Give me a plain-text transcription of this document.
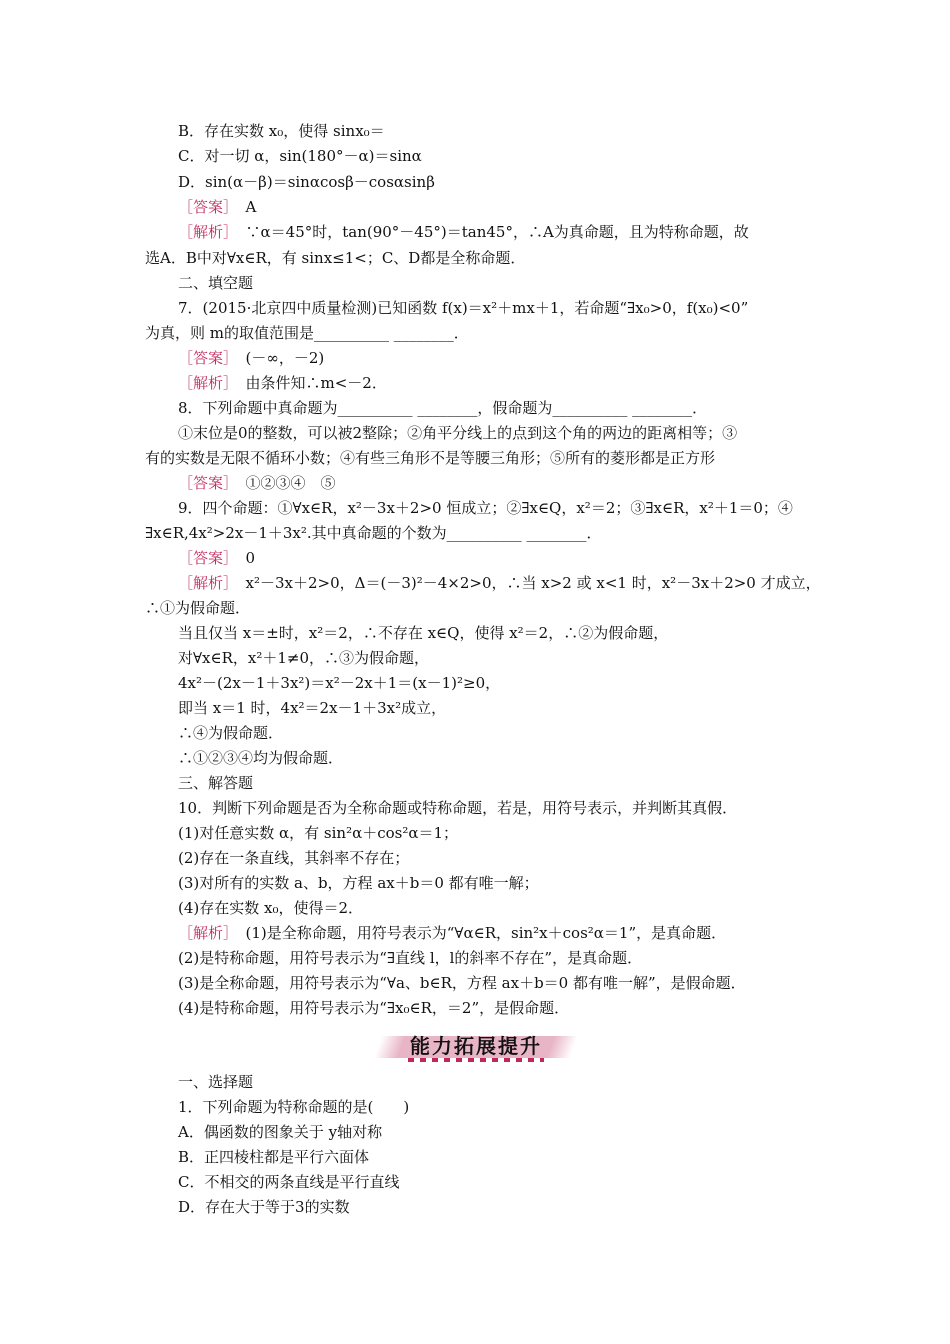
B．存在实数 x₀，使得 sinx₀＝
C．对一切 α，sin(180°－α)＝sinα
D．sin(α－β)＝sinαcosβ－cosαsinβ
［答案］　A
［解析］　∵α＝45°时，tan(90°－45°)＝tan45°，∴A为真命题，且为特称命题，故
选A．B中对∀x∈R，有 sinx≤1<；C、D都是全称命题．
二、填空题
7．(2015·北京四中质量检测)已知函数 f(x)＝x²＋mx＋1，若命题“∃x₀>0，f(x₀)<0”
为真，则 m的取值范围是__________ ________．
［答案］　(－∞，－2)
［解析］　由条件知∴m<－2．
8．下列命题中真命题为__________ ________，假命题为__________ ________．
①末位是0的整数，可以被2整除；②角平分线上的点到这个角的两边的距离相等；③
有的实数是无限不循环小数；④有些三角形不是等腰三角形；⑤所有的菱形都是正方形
［答案］　①②③④　⑤
9．四个命题：①∀x∈R，x²－3x＋2>0 恒成立；②∃x∈Q，x²＝2；③∃x∈R，x²＋1＝0；④
∃x∈R,4x²>2x－1＋3x².其中真命题的个数为__________ ________．
［答案］　0
［解析］　x²－3x＋2>0，Δ＝(－3)²－4×2>0，∴当 x>2 或 x<1 时，x²－3x＋2>0 才成立，
∴①为假命题．
当且仅当 x＝±时，x²＝2，∴不存在 x∈Q，使得 x²＝2，∴②为假命题，
对∀x∈R，x²＋1≠0，∴③为假命题，
4x²－(2x－1＋3x²)＝x²－2x＋1＝(x－1)²≥0，
即当 x＝1 时，4x²＝2x－1＋3x²成立，
∴④为假命题．
∴①②③④均为假命题．
三、解答题
10．判断下列命题是否为全称命题或特称命题，若是，用符号表示，并判断其真假．
(1)对任意实数 α，有 sin²α＋cos²α＝1；
(2)存在一条直线，其斜率不存在；
(3)对所有的实数 a、b，方程 ax＋b＝0 都有唯一解；
(4)存在实数 x₀，使得＝2．
［解析］　(1)是全称命题，用符号表示为“∀α∈R，sin²x＋cos²α＝1”，是真命题．
(2)是特称命题，用符号表示为“∃直线 l，l的斜率不存在”，是真命题．
(3)是全称命题，用符号表示为“∀a、b∈R，方程 ax＋b＝0 都有唯一解”，是假命题．
(4)是特称命题，用符号表示为“∃x₀∈R，＝2”，是假命题．
一、选择题
1．下列命题为特称命题的是(　　)
A．偶函数的图象关于 y轴对称
B．正四棱柱都是平行六面体
C．不相交的两条直线是平行直线
D．存在大于等于3的实数
能力拓展提升
